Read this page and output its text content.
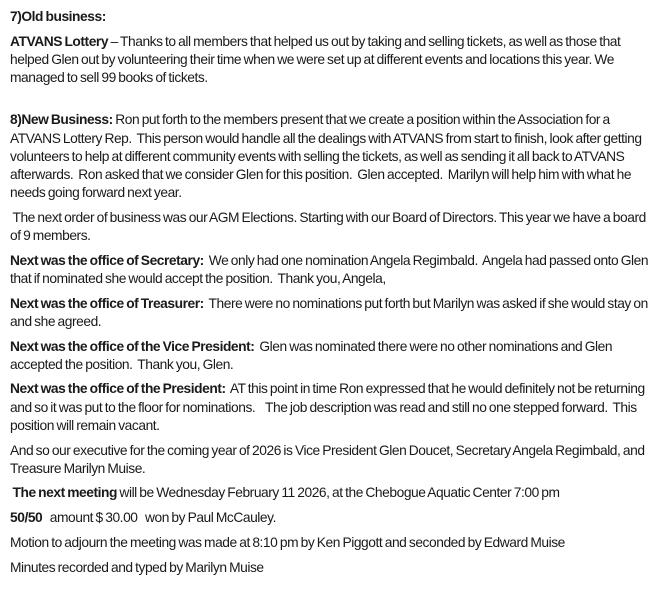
7)Old business:

ATVANS Lottery – Thanks to all members that helped us out by taking and selling tickets, as well as those that helped Glen out by volunteering their time when we were set up at different events and locations this year. We managed to sell 99 books of tickets.

8)New Business: Ron put forth to the members present that we create a position within the Association for a ATVANS Lottery Rep.  This person would handle all the dealings with ATVANS from start to finish, look after getting volunteers to help at different community events with selling the tickets, as well as sending it all back to ATVANS afterwards.  Ron asked that we consider Glen for this position.  Glen accepted.  Marilyn will help him with what he needs going forward next year.

The next order of business was our AGM Elections. Starting with our Board of Directors. This year we have a board of 9 members.

Next was the office of Secretary:  We only had one nomination Angela Regimbald.  Angela had passed onto Glen that if nominated she would accept the position.  Thank you, Angela,

Next was the office of Treasurer:  There were no nominations put forth but Marilyn was asked if she would stay on and she agreed.

Next was the office of the Vice President:  Glen was nominated there were no other nominations and Glen accepted the position.  Thank you, Glen.

Next was the office of the President:  AT this point in time Ron expressed that he would definitely not be returning and so it was put to the floor for nominations.    The job description was read and still no one stepped forward.  This position will remain vacant.

And so our executive for the coming year of 2026 is Vice President Glen Doucet, Secretary Angela Regimbald, and Treasure Marilyn Muise.

The next meeting will be Wednesday February 11 2026, at the Chebogue Aquatic Center 7:00 pm

50/50   amount $ 30.00   won by Paul McCauley.

Motion to adjourn the meeting was made at 8:10 pm by Ken Piggott and seconded by Edward Muise

Minutes recorded and typed by Marilyn Muise
